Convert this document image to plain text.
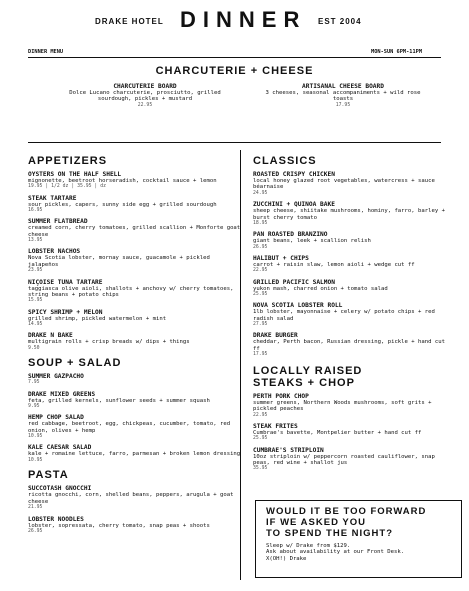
DRAKE HOTEL DINNER EST 2004
DINNER MENU	MON-SUN 6PM-11PM
CHARCUTERIE + CHEESE
CHARCUTERIE BOARD
Dolce Lucano charcuterie, prosciutto, grilled sourdough, pickles + mustard
22.95
ARTISANAL CHEESE BOARD
3 cheeses, seasonal accompaniments + wild rose toasts
17.95
APPETIZERS
OYSTERS ON THE HALF SHELL
mignonette, beetroot horseradish, cocktail sauce + lemon
19.95 | 1/2 dz | 35.95 | dz
STEAK TARTARE
sour pickles, capers, sunny side egg + grilled sourdough
16.95
SUMMER FLATBREAD
creamed corn, cherry tomatoes, grilled scallion + Monforte goat cheese
13.95
LOBSTER NACHOS
Nova Scotia lobster, mornay sauce, guacamole + pickled jalapeños
23.95
NIÇOISE TUNA TARTARE
taggiasca olive aioli, shallots + anchovy w/ cherry tomatoes, string beans + potato chips
15.95
SPICY SHRIMP + MELON
grilled shrimp, pickled watermelon + mint
14.95
DRAKE N BAKE
multigrain rolls + crisp breads w/ dips + things
9.50
SOUP + SALAD
SUMMER GAZPACHO
7.95
DRAKE MIXED GREENS
feta, grilled kernels, sunflower seeds + summer squash
9.95
HEMP CHOP SALAD
red cabbage, beetroot, egg, chickpeas, cucumber, tomato, red onion, olives + hemp
10.95
KALE CAESAR SALAD
kale + romaine lettuce, farro, parmesan + broken lemon dressing
10.95
PASTA
SUCCOTASH GNOCCHI
ricotta gnocchi, corn, shelled beans, peppers, arugula + goat cheese
21.95
LOBSTER NOODLES
lobster, sopressata, cherry tomato, snap peas + shoots
26.95
CLASSICS
ROASTED CRISPY CHICKEN
local honey glazed root vegetables, watercress + sauce béarnaise
24.95
ZUCCHINI + QUINOA BAKE
sheep cheese, shiitake mushrooms, hominy, farro, barley + burst cherry tomato
18.95
PAN ROASTED BRANZINO
giant beans, leek + scallion relish
26.95
HALIBUT + CHIPS
carrot + raisin slaw, lemon aioli + wedge cut ff
22.95
GRILLED PACIFIC SALMON
yukon mash, charred onion + tomato salad
25.95
NOVA SCOTIA LOBSTER ROLL
1lb lobster, mayonnaise + celery w/ potato chips + red radish salad
27.95
DRAKE BURGER
cheddar, Perth bacon, Russian dressing, pickle + hand cut ff
17.95
LOCALLY RAISED
STEAKS + CHOP
PERTH PORK CHOP
summer greens, Northern Woods mushrooms, soft grits + pickled peaches
22.95
STEAK FRITES
Cumbrae's bavette, Montpelier butter + hand cut ff
25.95
CUMBRAE'S STRIPLOIN
10oz striploin w/ peppercorn roasted cauliflower, snap peas, red wine + shallot jus
35.95
WOULD IT BE TOO FORWARD
IF WE ASKED YOU
TO SPEND THE NIGHT?
Sleep w/ Drake from $129.
Ask about availability at our Front Desk.
X(OH!) Drake
